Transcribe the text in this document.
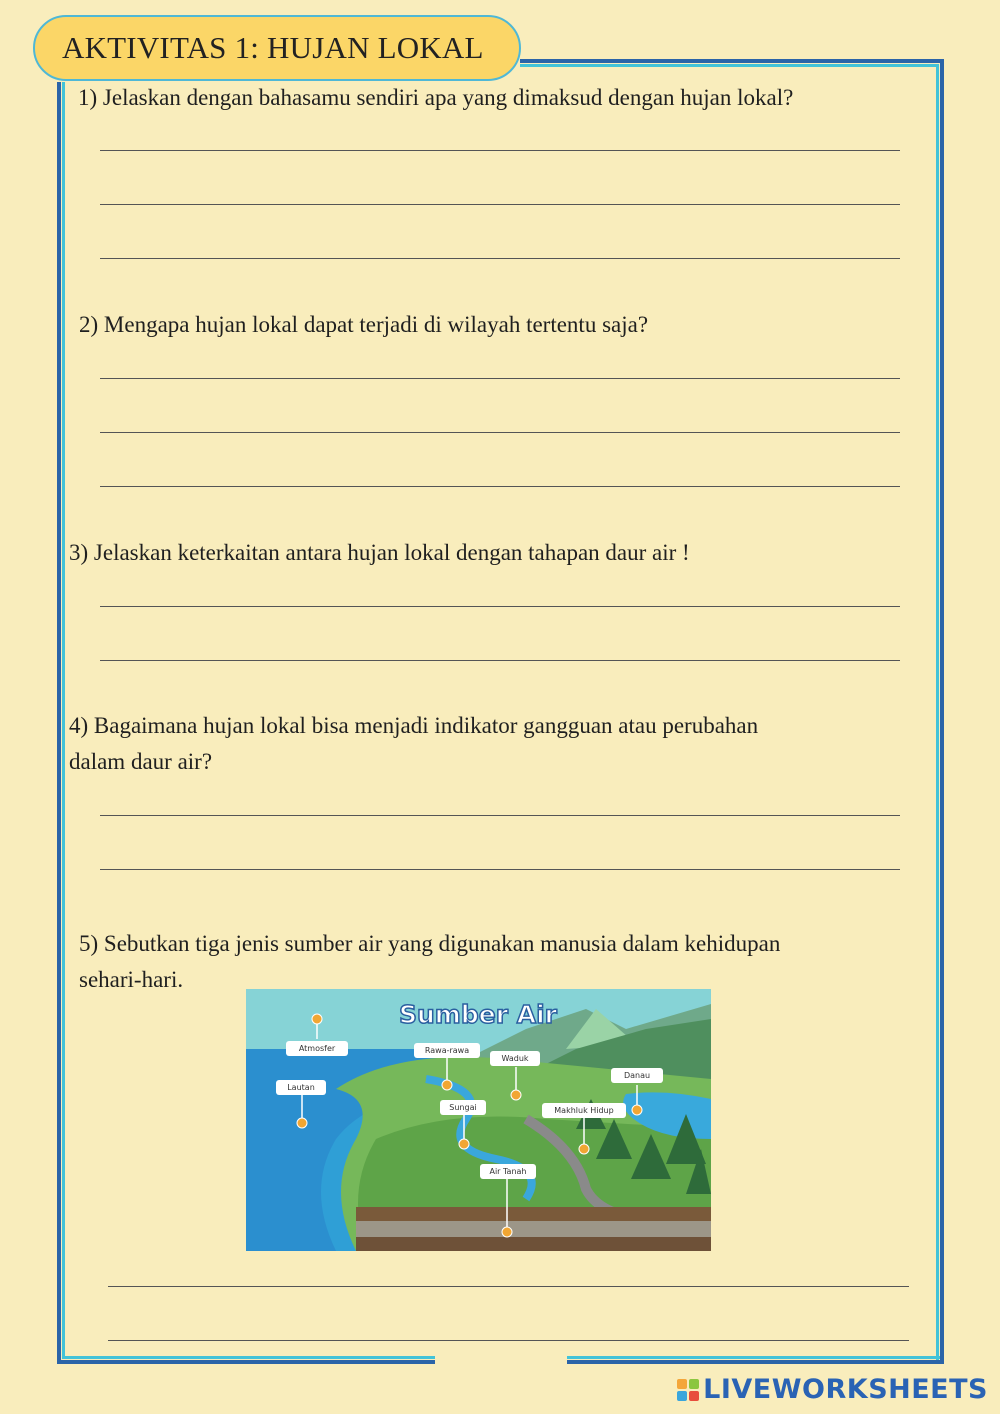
AKTIVITAS 1: HUJAN LOKAL

1) Jelaskan dengan bahasamu sendiri apa yang dimaksud dengan hujan lokal?

2) Mengapa hujan lokal dapat terjadi di wilayah tertentu saja?

3) Jelaskan keterkaitan antara hujan lokal dengan tahapan daur air !

4) Bagaimana hujan lokal bisa menjadi indikator gangguan atau perubahan

dalam daur air?

5) Sebutkan tiga jenis sumber air yang digunakan manusia dalam kehidupan

sehari-hari.

Sumber Air
Atmosfer	Rawa-rawa
Waduk
Danau
Lautan
Sungai	Makhluk Hidup
Air Tanah
LIVEWORKSHEETS
